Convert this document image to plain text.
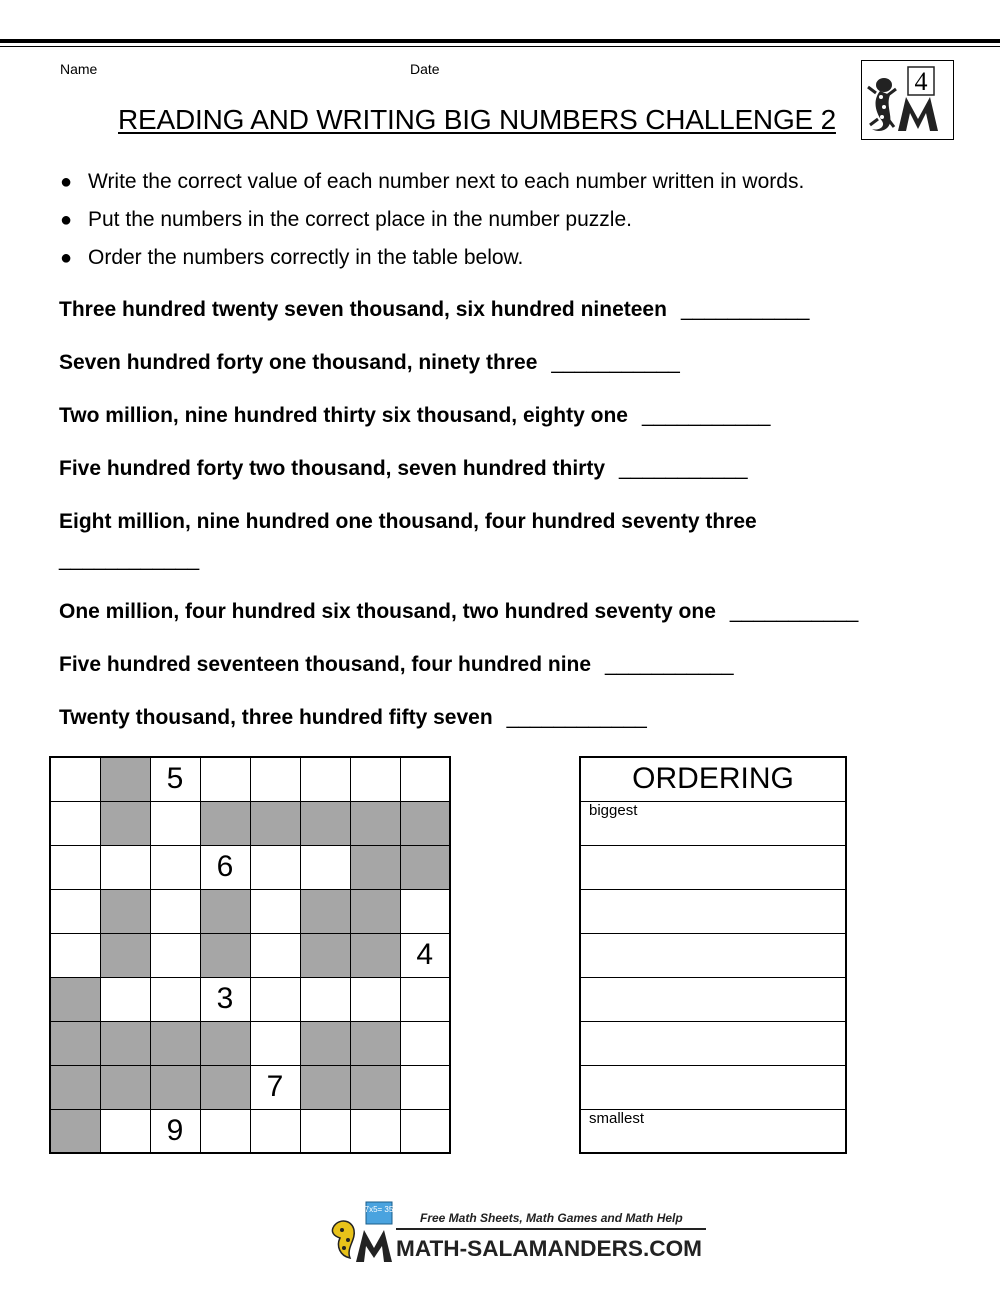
Name	Date
READING AND WRITING BIG NUMBERS CHALLENGE 2
4
● Write the correct value of each number next to each number written in words.
● Put the numbers in the correct place in the number puzzle.
● Order the numbers correctly in the table below.
Three hundred twenty seven thousand, six hundred nineteen ___________
Seven hundred forty one thousand, ninety three ___________
Two million, nine hundred thirty six thousand, eighty one ___________
Five hundred forty two thousand, seven hundred thirty ___________
Eight million, nine hundred one thousand, four hundred seventy three
____________
One million, four hundred six thousand, two hundred seventy one ___________
Five hundred seventeen thousand, four hundred nine ___________
Twenty thousand, three hundred fifty seven ____________
		5					

			6				

							4
			3				

				7			
		9					
ORDERING
biggest

smallest
7x5= 35
Free Math Sheets, Math Games and Math Help
MATH-SALAMANDERS.COM
